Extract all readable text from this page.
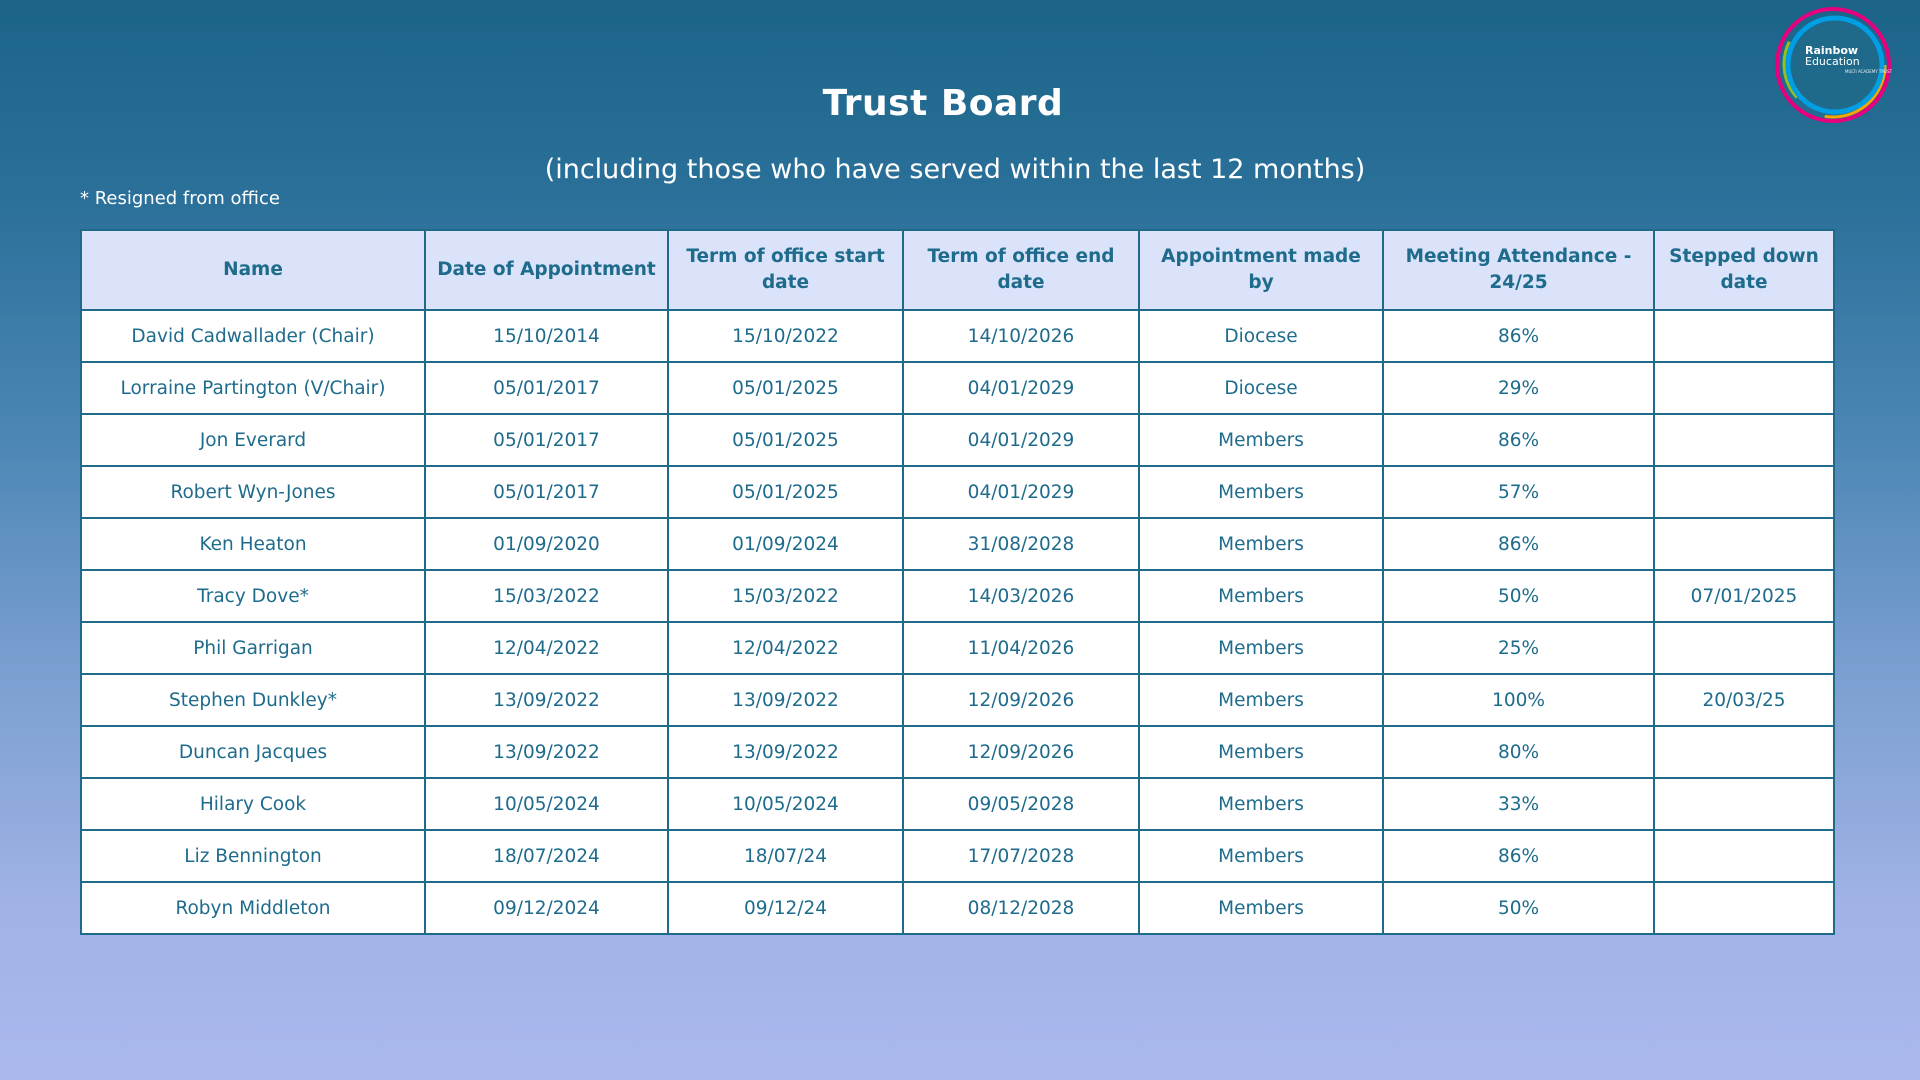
Trust Board
(including those who have served within the last 12 months)
* Resigned from office
Rainbow
Education
MULTI ACADEMY TRUST
Name	Date of Appointment	Term of office start date	Term of office end date	Appointment made by	Meeting Attendance - 24/25	Stepped down date
David Cadwallader (Chair)	15/10/2014	15/10/2022	14/10/2026	Diocese	86%	
Lorraine Partington (V/Chair)	05/01/2017	05/01/2025	04/01/2029	Diocese	29%	
Jon Everard	05/01/2017	05/01/2025	04/01/2029	Members	86%	
Robert Wyn-Jones	05/01/2017	05/01/2025	04/01/2029	Members	57%	
Ken Heaton	01/09/2020	01/09/2024	31/08/2028	Members	86%	
Tracy Dove*	15/03/2022	15/03/2022	14/03/2026	Members	50%	07/01/2025
Phil Garrigan	12/04/2022	12/04/2022	11/04/2026	Members	25%	
Stephen Dunkley*	13/09/2022	13/09/2022	12/09/2026	Members	100%	20/03/25
Duncan Jacques	13/09/2022	13/09/2022	12/09/2026	Members	80%	
Hilary Cook	10/05/2024	10/05/2024	09/05/2028	Members	33%	
Liz Bennington	18/07/2024	18/07/24	17/07/2028	Members	86%	
Robyn Middleton	09/12/2024	09/12/24	08/12/2028	Members	50%	
